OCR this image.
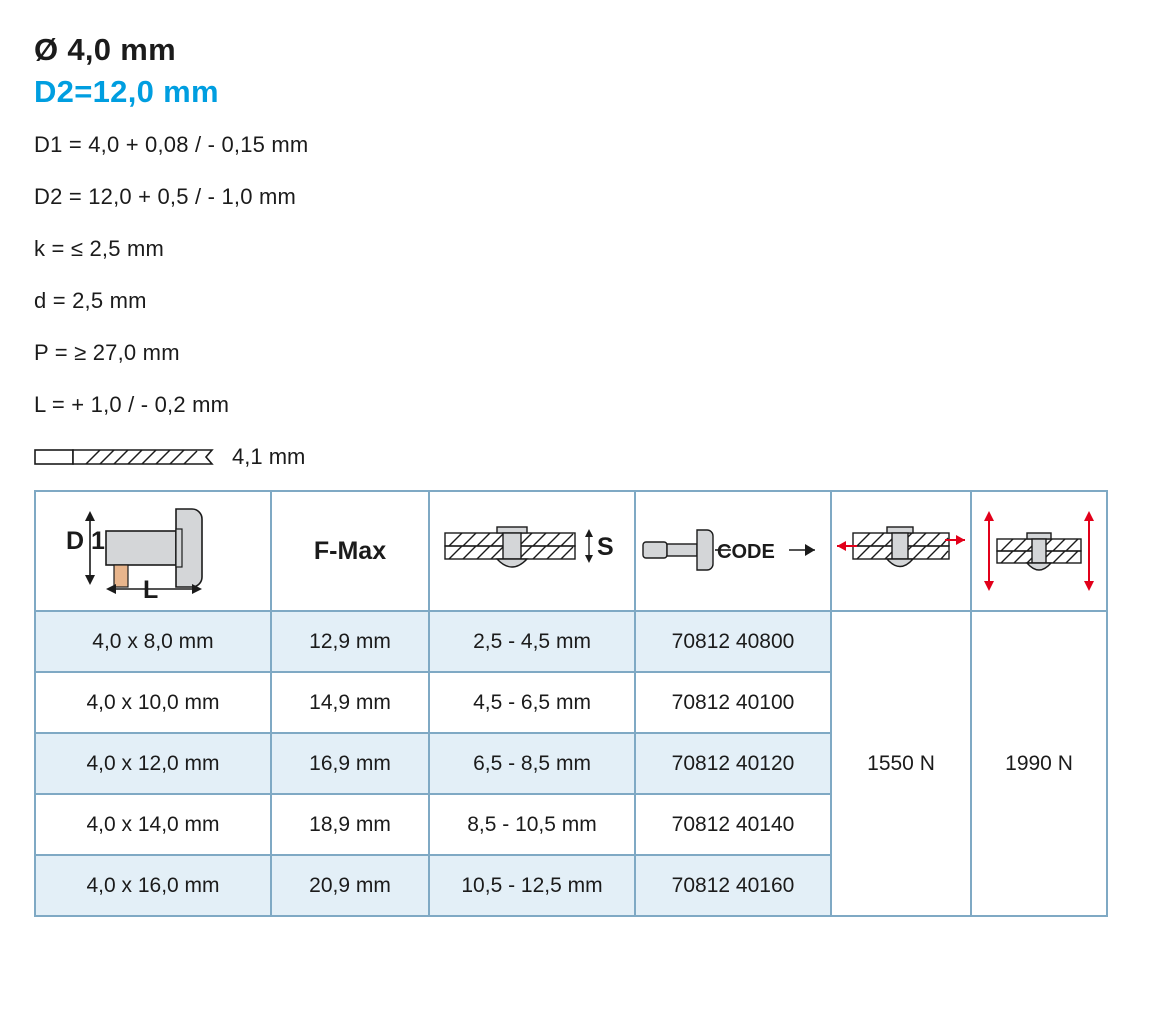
Ø 4,0 mm
D2=12,0 mm
D1 = 4,0 + 0,08 / - 0,15 mm
D2 = 12,0 + 0,5 / - 1,0 mm
k = ≤ 2,5 mm
d = 2,5 mm
P = ≥ 27,0 mm
L = + 1,0 / - 0,2 mm
4,1 mm
D 1
L	F-Max	S	CODE

4,0 x 8,0 mm	12,9 mm	2,5 - 4,5 mm	70812 40800	1550 N	1990 N
4,0 x 10,0 mm	14,9 mm	4,5 - 6,5 mm	70812 40100		
4,0 x 12,0 mm	16,9 mm	6,5 - 8,5 mm	70812 40120		
4,0 x 14,0 mm	18,9 mm	8,5 - 10,5 mm	70812 40140		
4,0 x 16,0 mm	20,9 mm	10,5 - 12,5 mm	70812 40160		
